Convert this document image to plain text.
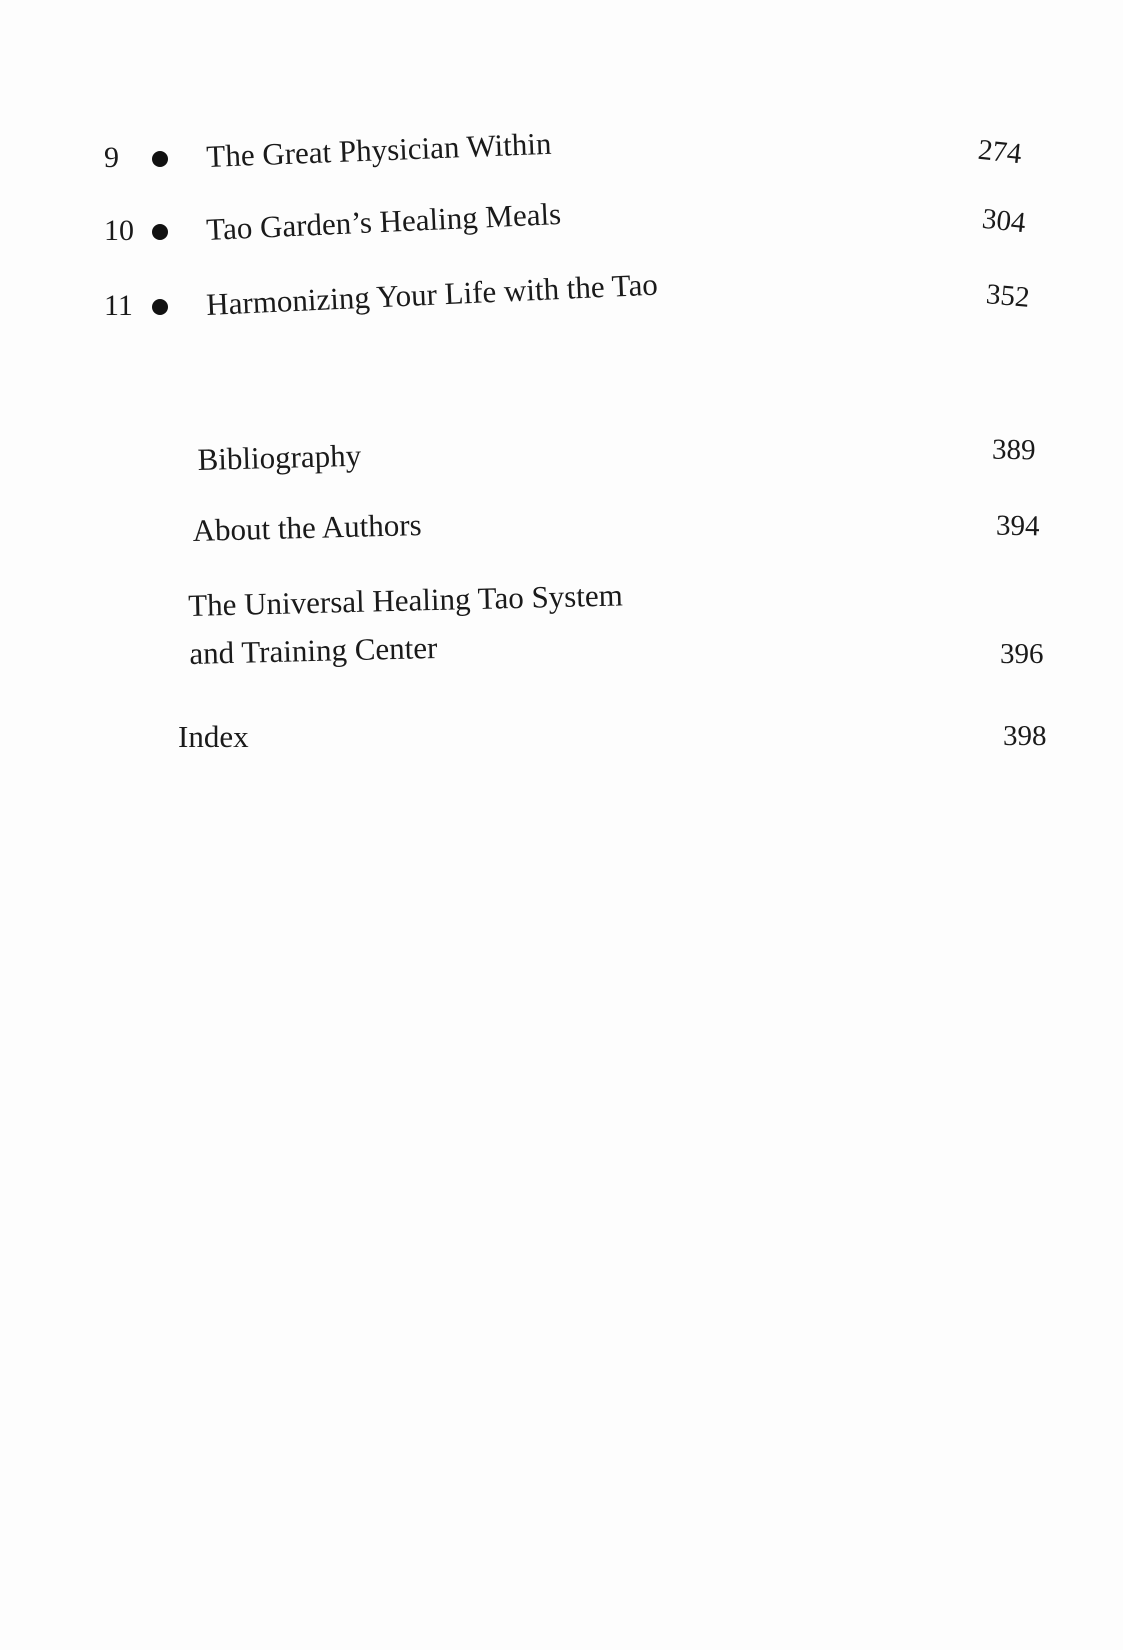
9	The Great Physician Within	274
10 Tao Garden’s Healing Meals	304
11 Harmonizing Your Life with the Tao	352
Bibliography	389
About the Authors	394
The Universal Healing Tao System
and Training Center	396
Index	398
